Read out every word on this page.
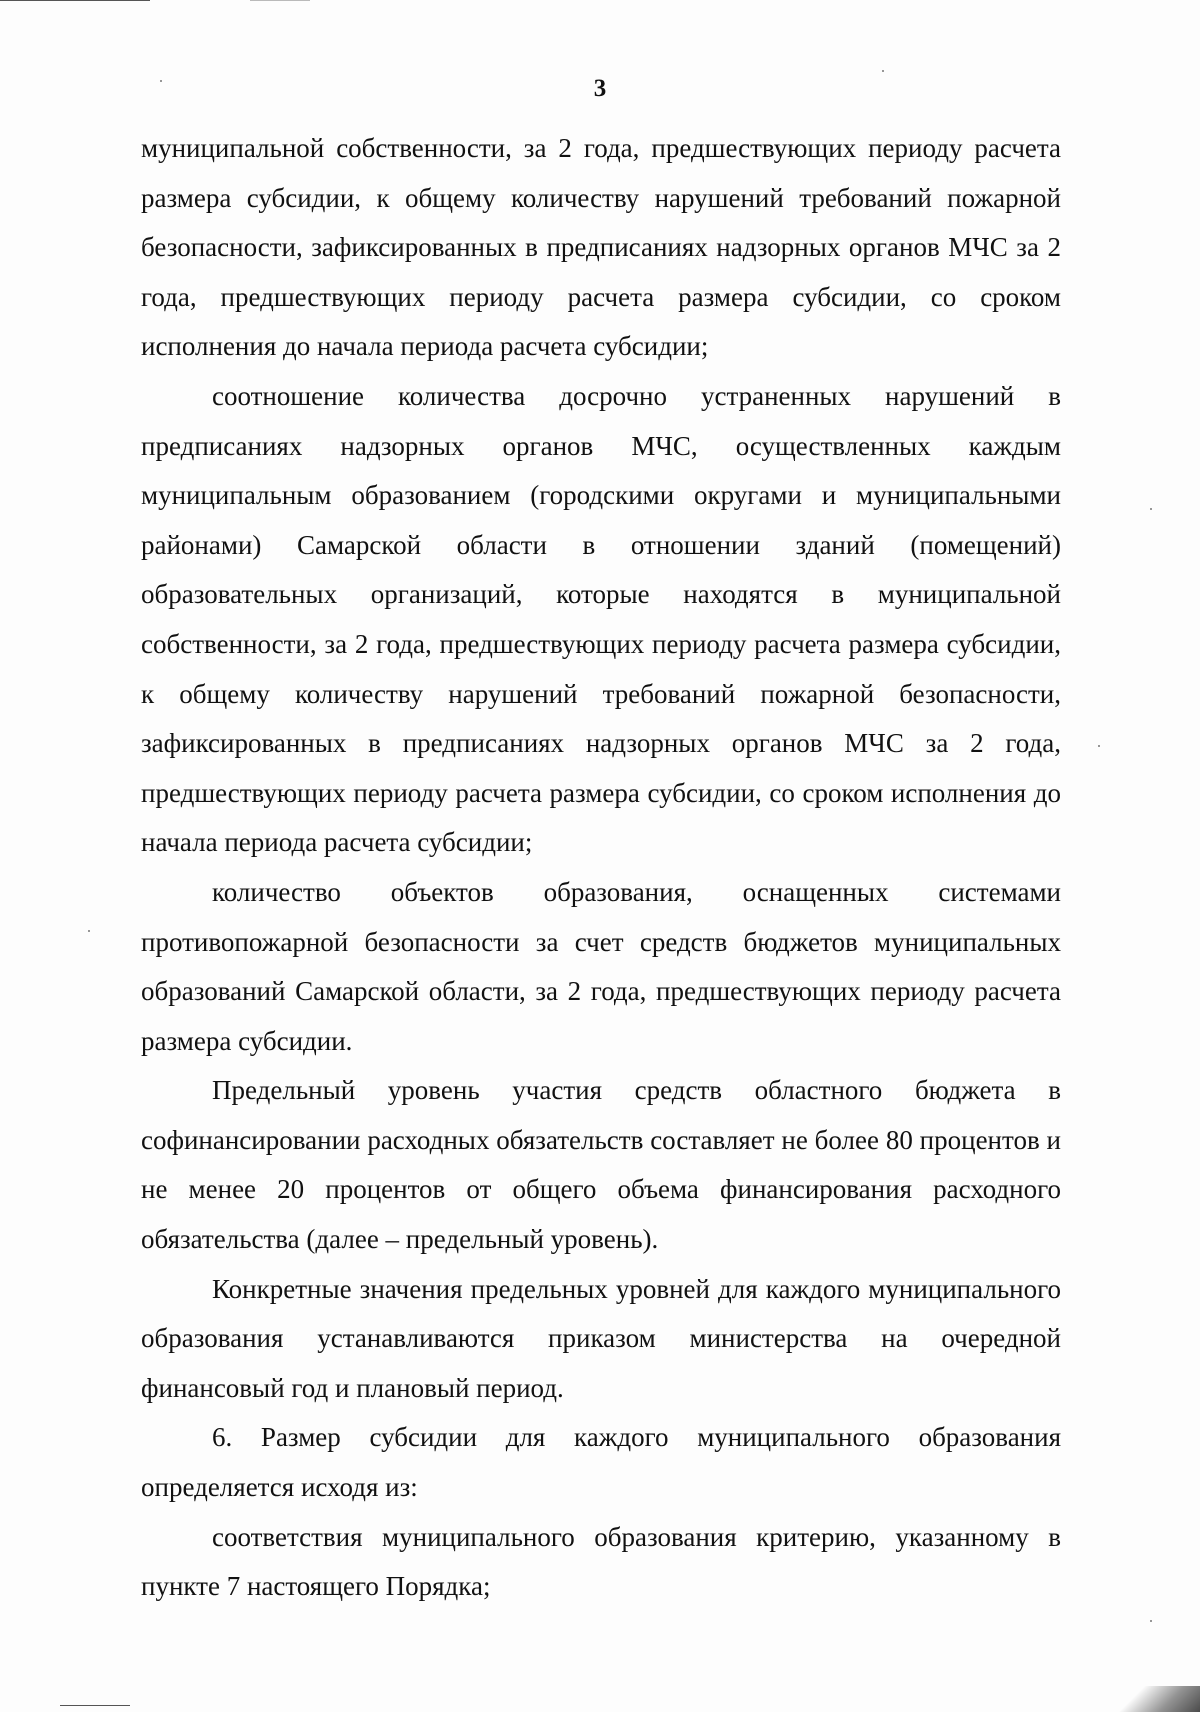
3

муниципальной собственности, за 2 года, предшествующих периоду расчета размера субсидии, к общему количеству нарушений требований пожарной безопасности, зафиксированных в предписаниях надзорных органов МЧС за 2 года, предшествующих периоду расчета размера субсидии, со сроком исполнения до начала периода расчета субсидии;

соотношение количества досрочно устраненных нарушений в предписаниях надзорных органов МЧС, осуществленных каждым муниципальным образованием (городскими округами и муниципальными районами) Самарской области в отношении зданий (помещений) образовательных организаций, которые находятся в муниципальной собственности, за 2 года, предшествующих периоду расчета размера субсидии, к общему количеству нарушений требований пожарной безопасности, зафиксированных в предписаниях надзорных органов МЧС за 2 года, предшествующих периоду расчета размера субсидии, со сроком исполнения до начала периода расчета субсидии;

количество объектов образования, оснащенных системами противопожарной безопасности за счет средств бюджетов муниципальных образований Самарской области, за 2 года, предшествующих периоду расчета размера субсидии.

Предельный уровень участия средств областного бюджета в софинансировании расходных обязательств составляет не более 80 процентов и не менее 20 процентов от общего объема финансирования расходного обязательства (далее – предельный уровень).

Конкретные значения предельных уровней для каждого муниципального образования устанавливаются приказом министерства на очередной финансовый год и плановый период.

6. Размер субсидии для каждого муниципального образования определяется исходя из:

соответствия муниципального образования критерию, указанному в пункте 7 настоящего Порядка;
